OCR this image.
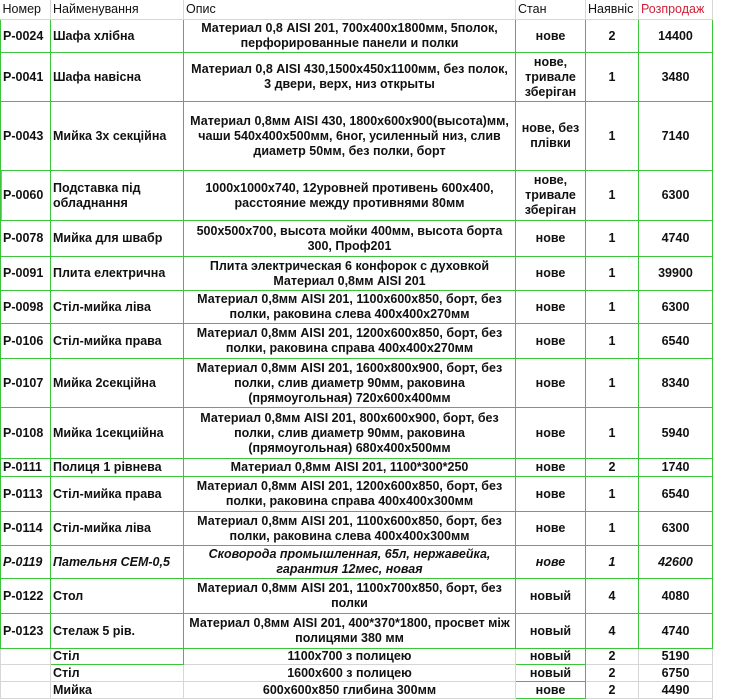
Номер	Найменування	Опис	Стан	Наявніс	Розпродаж
P-0024	Шафа хлібна	Материал 0,8 AISI 201, 700x400x1800мм, 5полок, перфорированные панели и полки	нове	2	14400
P-0041	Шафа навісна	Материал 0,8 AISI 430,1500x450x1100мм, без полок, 3 двери, верх, низ открыты	нове, тривале зберіган	1	3480
P-0043	Мийка 3х секційна	Материал 0,8мм AISI 430, 1800x600x900(высота)мм, чаши 540x400x500мм, 6ног, усиленный низ, слив диаметр 50мм, без полки, борт	нове, без плівки	1	7140
P-0060	Подставка під обладнання	1000x1000x740, 12уровней противень 600x400, расстояние между противнями 80мм	нове, тривале зберіган	1	6300
P-0078	Мийка для швабр	500x500x700, высота мойки 400мм, высота борта 300, Проф201	нове	1	4740
P-0091	Плита електрична	Плита электрическая 6 конфорок с духовкой Материал 0,8мм AISI 201	нове	1	39900
P-0098	Стіл-мийка ліва	Материал 0,8мм AISI 201, 1100x600x850, борт, без полки, раковина слева 400x400x270мм	нове	1	6300
P-0106	Стіл-мийка права	Материал 0,8мм AISI 201, 1200x600x850, борт, без полки, раковина справа 400x400x270мм	нове	1	6540
P-0107	Мийка 2секційна	Материал 0,8мм AISI 201, 1600x800x900, борт, без полки, слив диаметр 90мм, раковина (прямоугольная) 720x600x400мм	нове	1	8340
P-0108	Мийка 1секциійна	Материал 0,8мм AISI 201, 800x600x900, борт, без полки, слив диаметр 90мм, раковина (прямоугольная) 680x400x500мм	нове	1	5940
P-0111	Полиця 1 рівнева	Материал 0,8мм AISI 201, 1100*300*250	нове	2	1740
P-0113	Стіл-мийка права	Материал 0,8мм AISI 201, 1200x600x850, борт, без полки, раковина справа 400x400x300мм	нове	1	6540
P-0114	Стіл-мийка ліва	Материал 0,8мм AISI 201, 1100x600x850, борт, без полки, раковина слева 400x400x300мм	нове	1	6300
P-0119	Пательня CEM-0,5	Сковорода промышленная, 65л, нержавейка, гарантия 12мес, новая	нове	1	42600
P-0122	Стол	Материал 0,8мм AISI 201, 1100x700x850, борт, без полки	новый	4	4080
P-0123	Стелаж 5 рів.	Материал 0,8мм AISI 201, 400*370*1800, просвет між полицями 380 мм	новый	4	4740
	Стіл	1100x700 з полицею	новый	2	5190
	Стіл	1600x600 з полицею	новый	2	6750
	Мийка	600x600x850 глибина 300мм	нове	2	4490
